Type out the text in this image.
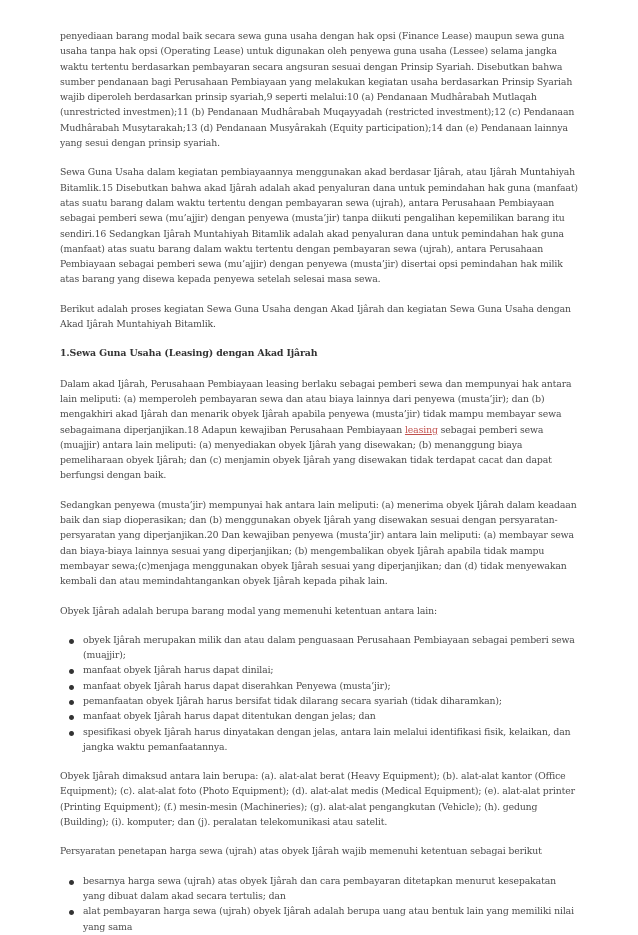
penyediaan barang modal baik secara sewa guna usaha dengan hak opsi (Finance Lease) maupun sewa guna usaha tanpa hak opsi (Operating Lease) untuk digunakan oleh penyewa guna usaha (Lessee) selama jangka waktu tertentu berdasarkan pembayaran secara angsuran sesuai dengan Prinsip Syariah. Disebutkan bahwa sumber pendanaan bagi Perusahaan Pembiayaan yang melakukan kegiatan usaha berdasarkan Prinsip Syariah wajib diperoleh berdasarkan prinsip syariah,9 seperti melalui:10 (a) Pendanaan Mudhârabah Mutlaqah (unrestricted investmen);11 (b) Pendanaan Mudhârabah Muqayyadah (restricted investment);12 (c) Pendanaan Mudhârabah Musytarakah;13 (d) Pendanaan Musyârakah (Equity participation);14 dan (e) Pendanaan lainnya yang sesui dengan prinsip syariah.

Sewa Guna Usaha dalam kegiatan pembiayaannya menggunakan akad berdasar Ijârah, atau Ijârah Muntahiyah Bitamlik.15 Disebutkan bahwa akad Ijârah adalah akad penyaluran dana untuk pemindahan hak guna (manfaat) atas suatu barang dalam waktu tertentu dengan pembayaran sewa (ujrah), antara Perusahaan Pembiayaan sebagai pemberi sewa (mu’ajjir) dengan penyewa (musta’jir) tanpa diikuti pengalihan kepemilikan barang itu sendiri.16 Sedangkan Ijârah Muntahiyah Bitamlik adalah akad penyaluran dana untuk pemindahan hak guna (manfaat) atas suatu barang dalam waktu tertentu dengan pembayaran sewa (ujrah), antara Perusahaan Pembiayaan sebagai pemberi sewa (mu’ajjir) dengan penyewa (musta’jir) disertai opsi pemindahan hak milik atas barang yang disewa kepada penyewa setelah selesai masa sewa.

Berikut adalah proses kegiatan Sewa Guna Usaha dengan Akad Ijârah dan kegiatan Sewa Guna Usaha dengan Akad Ijârah Muntahiyah Bitamlik.

1.Sewa Guna Usaha (Leasing) dengan Akad Ijârah

Dalam akad Ijârah, Perusahaan Pembiayaan leasing berlaku sebagai pemberi sewa dan mempunyai hak antara lain meliputi: (a) memperoleh pembayaran sewa dan atau biaya lainnya dari penyewa (musta’jir); dan (b) mengakhiri akad Ijârah dan menarik obyek Ijârah apabila penyewa (musta’jir) tidak mampu membayar sewa sebagaimana diperjanjikan.18 Adapun kewajiban Perusahaan Pembiayaan leasing sebagai pemberi sewa (muajjir) antara lain meliputi: (a) menyediakan obyek Ijârah yang disewakan; (b) menanggung biaya pemeliharaan obyek Ijârah; dan (c) menjamin obyek Ijârah yang disewakan tidak terdapat cacat dan dapat berfungsi dengan baik.

Sedangkan penyewa (musta’jir) mempunyai hak antara lain meliputi: (a) menerima obyek Ijârah dalam keadaan baik dan siap dioperasikan; dan (b) menggunakan obyek Ijârah yang disewakan sesuai dengan persyaratan-persyaratan yang diperjanjikan.20 Dan kewajiban penyewa (musta’jir) antara lain meliputi: (a) membayar sewa dan biaya-biaya lainnya sesuai yang diperjanjikan; (b) mengembalikan obyek Ijârah apabila tidak mampu membayar sewa;(c)menjaga menggunakan obyek Ijârah sesuai yang diperjanjikan; dan (d) tidak menyewakan kembali dan atau memindahtangankan obyek Ijârah kepada pihak lain.

Obyek Ijârah adalah berupa barang modal yang memenuhi ketentuan antara lain:

obyek Ijârah merupakan milik dan atau dalam penguasaan Perusahaan Pembiayaan sebagai pemberi sewa (muajjir);
manfaat obyek Ijârah harus dapat dinilai;
manfaat obyek Ijârah harus dapat diserahkan Penyewa (musta’jir);
pemanfaatan obyek Ijârah harus bersifat tidak dilarang secara syariah (tidak diharamkan);
manfaat obyek Ijârah harus dapat ditentukan dengan jelas; dan
spesifikasi obyek Ijârah harus dinyatakan dengan jelas, antara lain melalui identifikasi fisik, kelaikan, dan jangka waktu pemanfaatannya.

Obyek Ijârah dimaksud antara lain berupa: (a). alat-alat berat (Heavy Equipment); (b). alat-alat kantor (Office Equipment); (c). alat-alat foto (Photo Equipment); (d). alat-alat medis (Medical Equipment); (e). alat-alat printer (Printing Equipment); (f.) mesin-mesin (Machineries); (g). alat-alat pengangkutan (Vehicle); (h). gedung (Building); (i). komputer; dan (j). peralatan telekomunikasi atau satelit.

Persyaratan penetapan harga sewa (ujrah) atas obyek Ijârah wajib memenuhi ketentuan sebagai berikut

besarnya harga sewa (ujrah) atas obyek Ijârah dan cara pembayaran ditetapkan menurut kesepakatan yang dibuat dalam akad secara tertulis; dan
alat pembayaran harga sewa (ujrah) obyek Ijârah adalah berupa uang atau bentuk lain yang memiliki nilai yang sama
